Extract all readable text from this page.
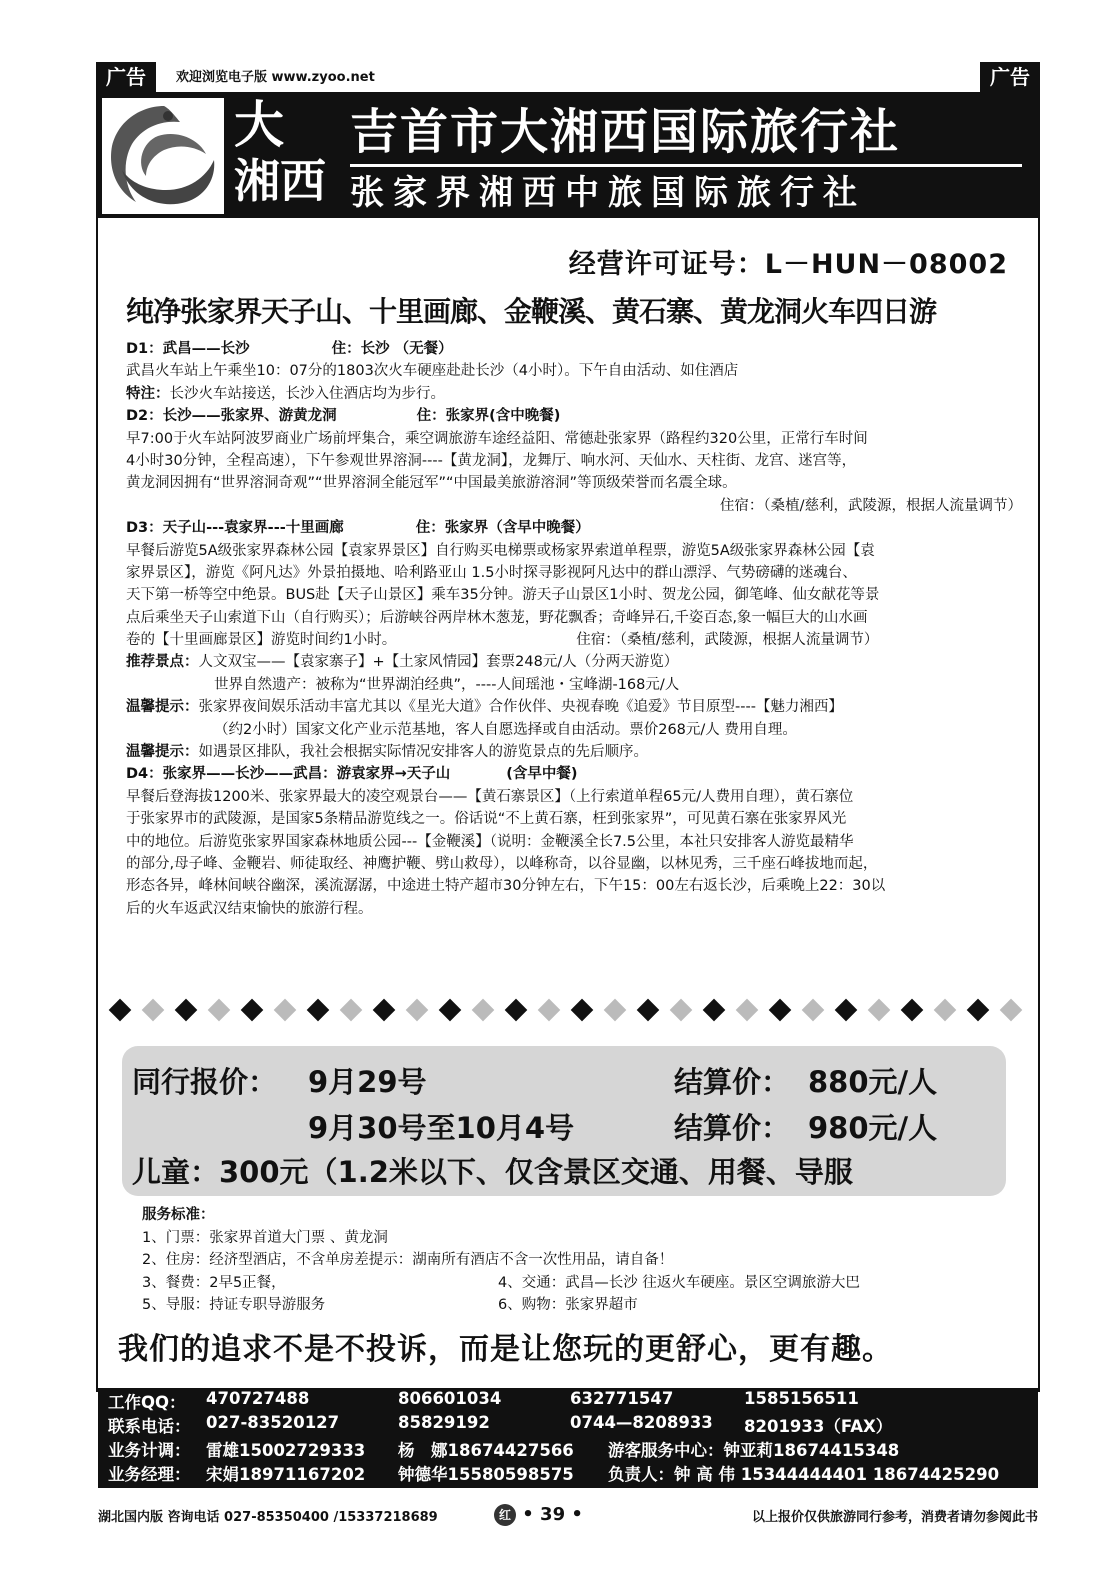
广告	欢迎浏览电子版 www.zyoo.net	广告
大
湘西
吉首市大湘西国际旅行社
张家界湘西中旅国际旅行社
经营许可证号：L－HUN－08002
纯净张家界天子山、十里画廊、金鞭溪、黄石寨、黄龙洞火车四日游
D1：武昌——长沙	住：长沙 （无餐）
武昌火车站上午乘坐10：07分的1803次火车硬座赴赴长沙（4小时）。下午自由活动、如住酒店
特注：长沙火车站接送，长沙入住酒店均为步行。
D2：长沙——张家界、游黄龙洞	住：张家界(含中晚餐)
早7:00于火车站阿波罗商业广场前坪集合，乘空调旅游车途经益阳、常德赴张家界（路程约320公里，正常行车时间
4小时30分钟，全程高速），下午参观世界溶洞----【黄龙洞】，龙舞厅、响水河、天仙水、天柱街、龙宫、迷宫等，
黄龙洞因拥有“世界溶洞奇观”“世界溶洞全能冠军”“中国最美旅游溶洞”等顶级荣誉而名震全球。
住宿：（桑植/慈利，武陵源，根据人流量调节）
D3：天子山---袁家界---十里画廊	住：张家界（含早中晚餐）
早餐后游览5A级张家界森林公园【袁家界景区】自行购买电梯票或杨家界索道单程票，游览5A级张家界森林公园【袁
家界景区】，游览《阿凡达》外景拍摄地、哈利路亚山 1.5小时探寻影视阿凡达中的群山漂浮、气势磅礴的迷魂台、
天下第一桥等空中绝景。BUS赴【天子山景区】乘车35分钟。游天子山景区1小时、贺龙公园，御笔峰、仙女献花等景
点后乘坐天子山索道下山（自行购买）；后游峡谷两岸林木葱茏，野花飘香；奇峰异石,千姿百态,象一幅巨大的山水画
卷的【十里画廊景区】游览时间约1小时。	住宿：（桑植/慈利，武陵源，根据人流量调节）
推荐景点：人文双宝——【袁家寨子】+【土家风情园】套票248元/人（分两天游览）
世界自然遗产：被称为“世界湖泊经典”，----人间瑶池・宝峰湖-168元/人
温馨提示：张家界夜间娱乐活动丰富尤其以《星光大道》合作伙伴、央视春晚《追爱》节目原型----【魅力湘西】
（约2小时）国家文化产业示范基地，客人自愿选择或自由活动。票价268元/人 费用自理。
温馨提示：如遇景区排队，我社会根据实际情况安排客人的游览景点的先后顺序。
D4：张家界——长沙——武昌：游袁家界→天子山	(含早中餐)
早餐后登海拔1200米、张家界最大的凌空观景台——【黄石寨景区】（上行索道单程65元/人费用自理），黄石寨位
于张家界市的武陵源，是国家5条精品游览线之一。俗话说“不上黄石寨，枉到张家界”，可见黄石寨在张家界风光
中的地位。后游览张家界国家森林地质公园---【金鞭溪】（说明：金鞭溪全长7.5公里，本社只安排客人游览最精华
的部分,母子峰、金鞭岩、师徒取经、神鹰护鞭、劈山救母），以峰称奇，以谷显幽，以林见秀，三千座石峰拔地而起，
形态各异，峰林间峡谷幽深，溪流潺潺，中途进土特产超市30分钟左右，下午15：00左右返长沙，后乘晚上22：30以
后的火车返武汉结束愉快的旅游行程。
同行报价： 9月29号	结算价： 880元/人
9月30号至10月4号	结算价： 980元/人
儿童：300元（1.2米以下、仅含景区交通、用餐、导服
服务标准：
1、门票：张家界首道大门票 、黄龙洞
2、住房：经济型酒店，不含单房差提示：湖南所有酒店不含一次性用品，请自备！
3、餐费：2早5正餐，	4、交通：武昌—长沙 往返火车硬座。景区空调旅游大巴
5、导服：持证专职导游服务	6、购物：张家界超市
我们的追求不是不投诉，而是让您玩的更舒心，更有趣。
工作QQ： 470727488	806601034	632771547	1585156511
联系电话： 027-83520127	85829192	0744—8208933 8201933（FAX）
业务计调： 雷雄15002729333 杨　娜18674427566 游客服务中心：钟亚莉18674415348
业务经理： 宋娟18971167202 钟德华15580598575 负责人：钟 高 伟 15344444401 18674425290
湖北国内版 咨询电话 027-85350400 /15337218689	红 • 39 •	以上报价仅供旅游同行参考，消费者请勿参阅此书
